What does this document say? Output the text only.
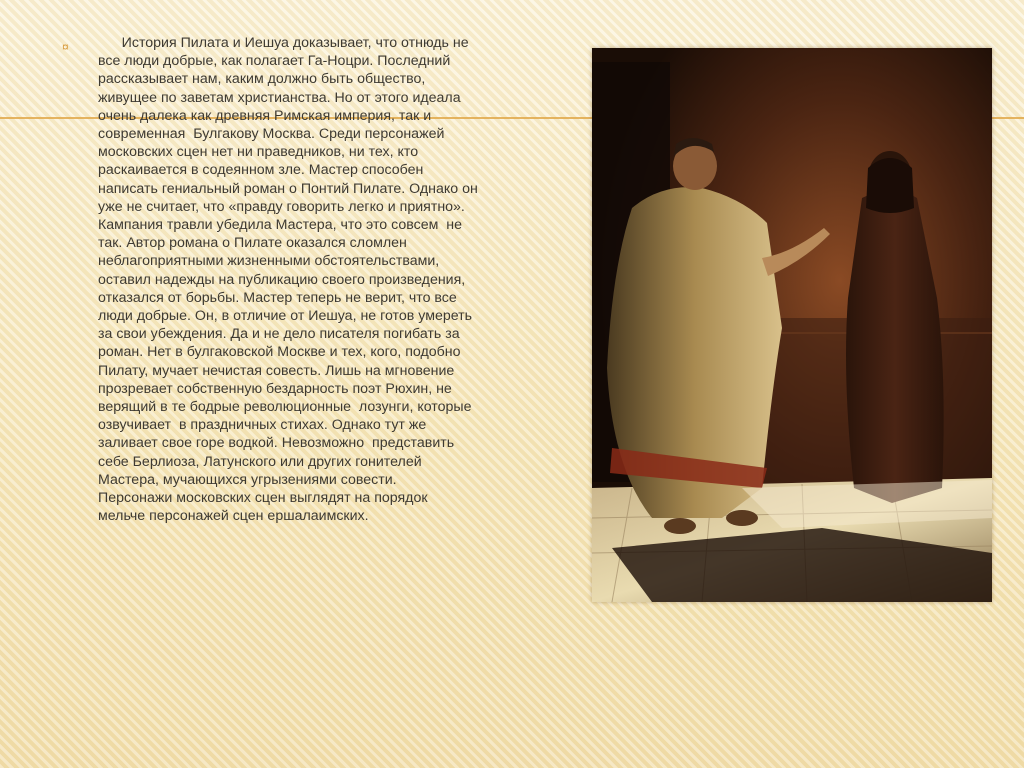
¤ История Пилата и Иешуа доказывает, что отнюдь не
все люди добрые, как полагает Га-Ноцри. Последний
рассказывает нам, каким должно быть общество,
живущее по заветам христианства. Но от этого идеала
очень далека как древняя Римская империя, так и
современная  Булгакову Москва. Среди персонажей
московских сцен нет ни праведников, ни тех, кто
раскаивается в содеянном зле. Мастер способен
написать гениальный роман о Понтий Пилате. Однако он
уже не считает, что «правду говорить легко и приятно».
Кампания травли убедила Мастера, что это совсем  не
так. Автор романа о Пилате оказался сломлен
неблагоприятными жизненными обстоятельствами,
оставил надежды на публикацию своего произведения,
отказался от борьбы. Мастер теперь не верит, что все
люди добрые. Он, в отличие от Иешуа, не готов умереть
за свои убеждения. Да и не дело писателя погибать за
роман. Нет в булгаковской Москве и тех, кого, подобно
Пилату, мучает нечистая совесть. Лишь на мгновение
прозревает собственную бездарность поэт Рюхин, не
верящий в те бодрые революционные  лозунги, которые
озвучивает  в праздничных стихах. Однако тут же
заливает свое горе водкой. Невозможно  представить
себе Берлиоза, Латунского или других гонителей
Мастера, мучающихся угрызениями совести.
Персонажи московских сцен выглядят на порядок
мельче персонажей сцен ершалаимских.
